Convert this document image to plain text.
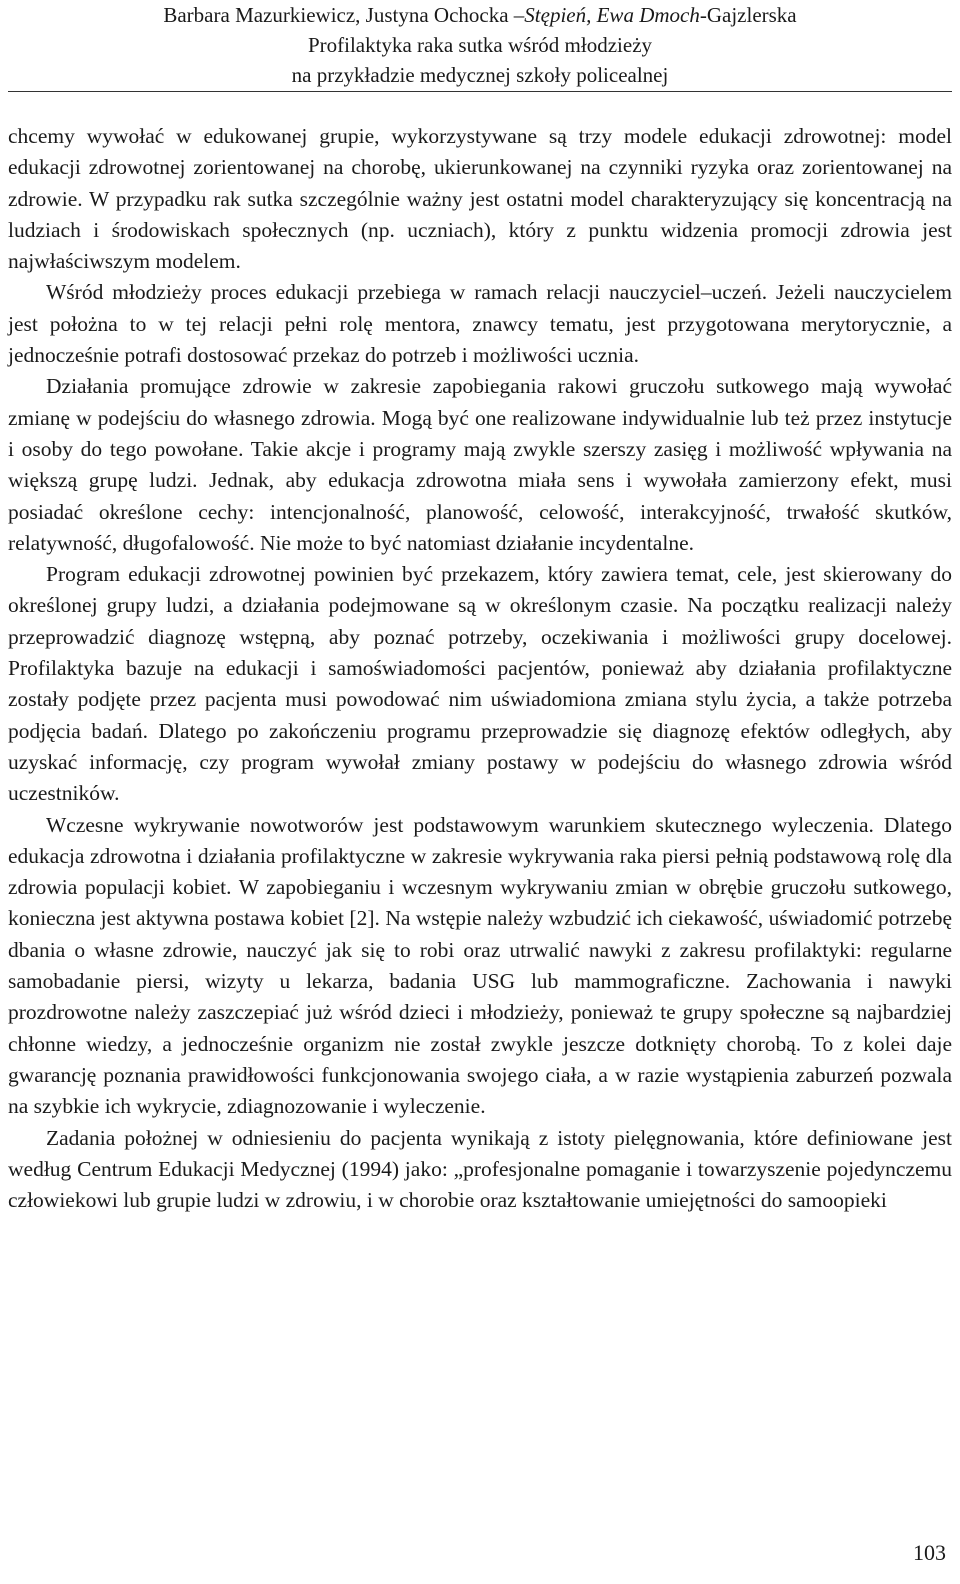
Barbara Mazurkiewicz, Justyna Ochocka –Stępień, Ewa Dmoch-Gajzlerska
Profilaktyka raka sutka wśród młodzieży
na przykładzie medycznej szkoły policealnej

chcemy wywołać w edukowanej grupie, wykorzystywane są trzy modele edukacji zdrowotnej: model edukacji zdrowotnej zorientowanej na chorobę, ukierunkowanej na czynniki ryzyka oraz zorientowanej na zdrowie. W przypadku rak sutka szczególnie ważny jest ostatni model charakteryzujący się koncentracją na ludziach i środowiskach społecznych (np. uczniach), który z punktu widzenia promocji zdrowia jest najwłaściwszym modelem.

Wśród młodzieży proces edukacji przebiega w ramach relacji nauczyciel–uczeń. Jeżeli nauczycielem jest położna to w tej relacji pełni rolę mentora, znawcy tematu, jest przygotowana merytorycznie, a jednocześnie potrafi dostosować przekaz do potrzeb i możliwości ucznia.

Działania promujące zdrowie w zakresie zapobiegania rakowi gruczołu sutkowego mają wywołać zmianę w podejściu do własnego zdrowia. Mogą być one realizowane indywidualnie lub też przez instytucje i osoby do tego powołane. Takie akcje i programy mają zwykle szerszy zasięg i możliwość wpływania na większą grupę ludzi. Jednak, aby edukacja zdrowotna miała sens i wywołała zamierzony efekt, musi posiadać określone cechy: intencjonalność, planowość, celowość, interakcyjność, trwałość skutków, relatywność, długofalowość. Nie może to być natomiast działanie incydentalne.

Program edukacji zdrowotnej powinien być przekazem, który zawiera temat, cele, jest skierowany do określonej grupy ludzi, a działania podejmowane są w określonym czasie. Na początku realizacji należy przeprowadzić diagnozę wstępną, aby poznać potrzeby, oczekiwania i możliwości grupy docelowej. Profilaktyka bazuje na edukacji i samoświadomości pacjentów, ponieważ aby działania profilaktyczne zostały podjęte przez pacjenta musi powodować nim uświadomiona zmiana stylu życia, a także potrzeba podjęcia badań. Dlatego po zakończeniu programu przeprowadzie się diagnozę efektów odległych, aby uzyskać informację, czy program wywołał zmiany postawy w podejściu do własnego zdrowia wśród uczestników.

Wczesne wykrywanie nowotworów jest podstawowym warunkiem skutecznego wyleczenia. Dlatego edukacja zdrowotna i działania profilaktyczne w zakresie wykrywania raka piersi pełnią podstawową rolę dla zdrowia populacji kobiet. W zapobieganiu i wczesnym wykrywaniu zmian w obrębie gruczołu sutkowego, konieczna jest aktywna postawa kobiet [2]. Na wstępie należy wzbudzić ich ciekawość, uświadomić potrzebę dbania o własne zdrowie, nauczyć jak się to robi oraz utrwalić nawyki z zakresu profilaktyki: regularne samobadanie piersi, wizyty u lekarza, badania USG lub mammograficzne. Zachowania i nawyki prozdrowotne należy zaszczepiać już wśród dzieci i młodzieży, ponieważ te grupy społeczne są najbardziej chłonne wiedzy, a jednocześnie organizm nie został zwykle jeszcze dotknięty chorobą. To z kolei daje gwarancję poznania prawidłowości funkcjonowania swojego ciała, a w razie wystąpienia zaburzeń pozwala na szybkie ich wykrycie, zdiagnozowanie i wyleczenie.

Zadania położnej w odniesieniu do pacjenta wynikają z istoty pielęgnowania, które definiowane jest według Centrum Edukacji Medycznej (1994) jako: „profesjonalne pomaganie i towarzyszenie pojedynczemu człowiekowi lub grupie ludzi w zdrowiu, i w chorobie oraz kształtowanie umiejętności do samoopieki

103
